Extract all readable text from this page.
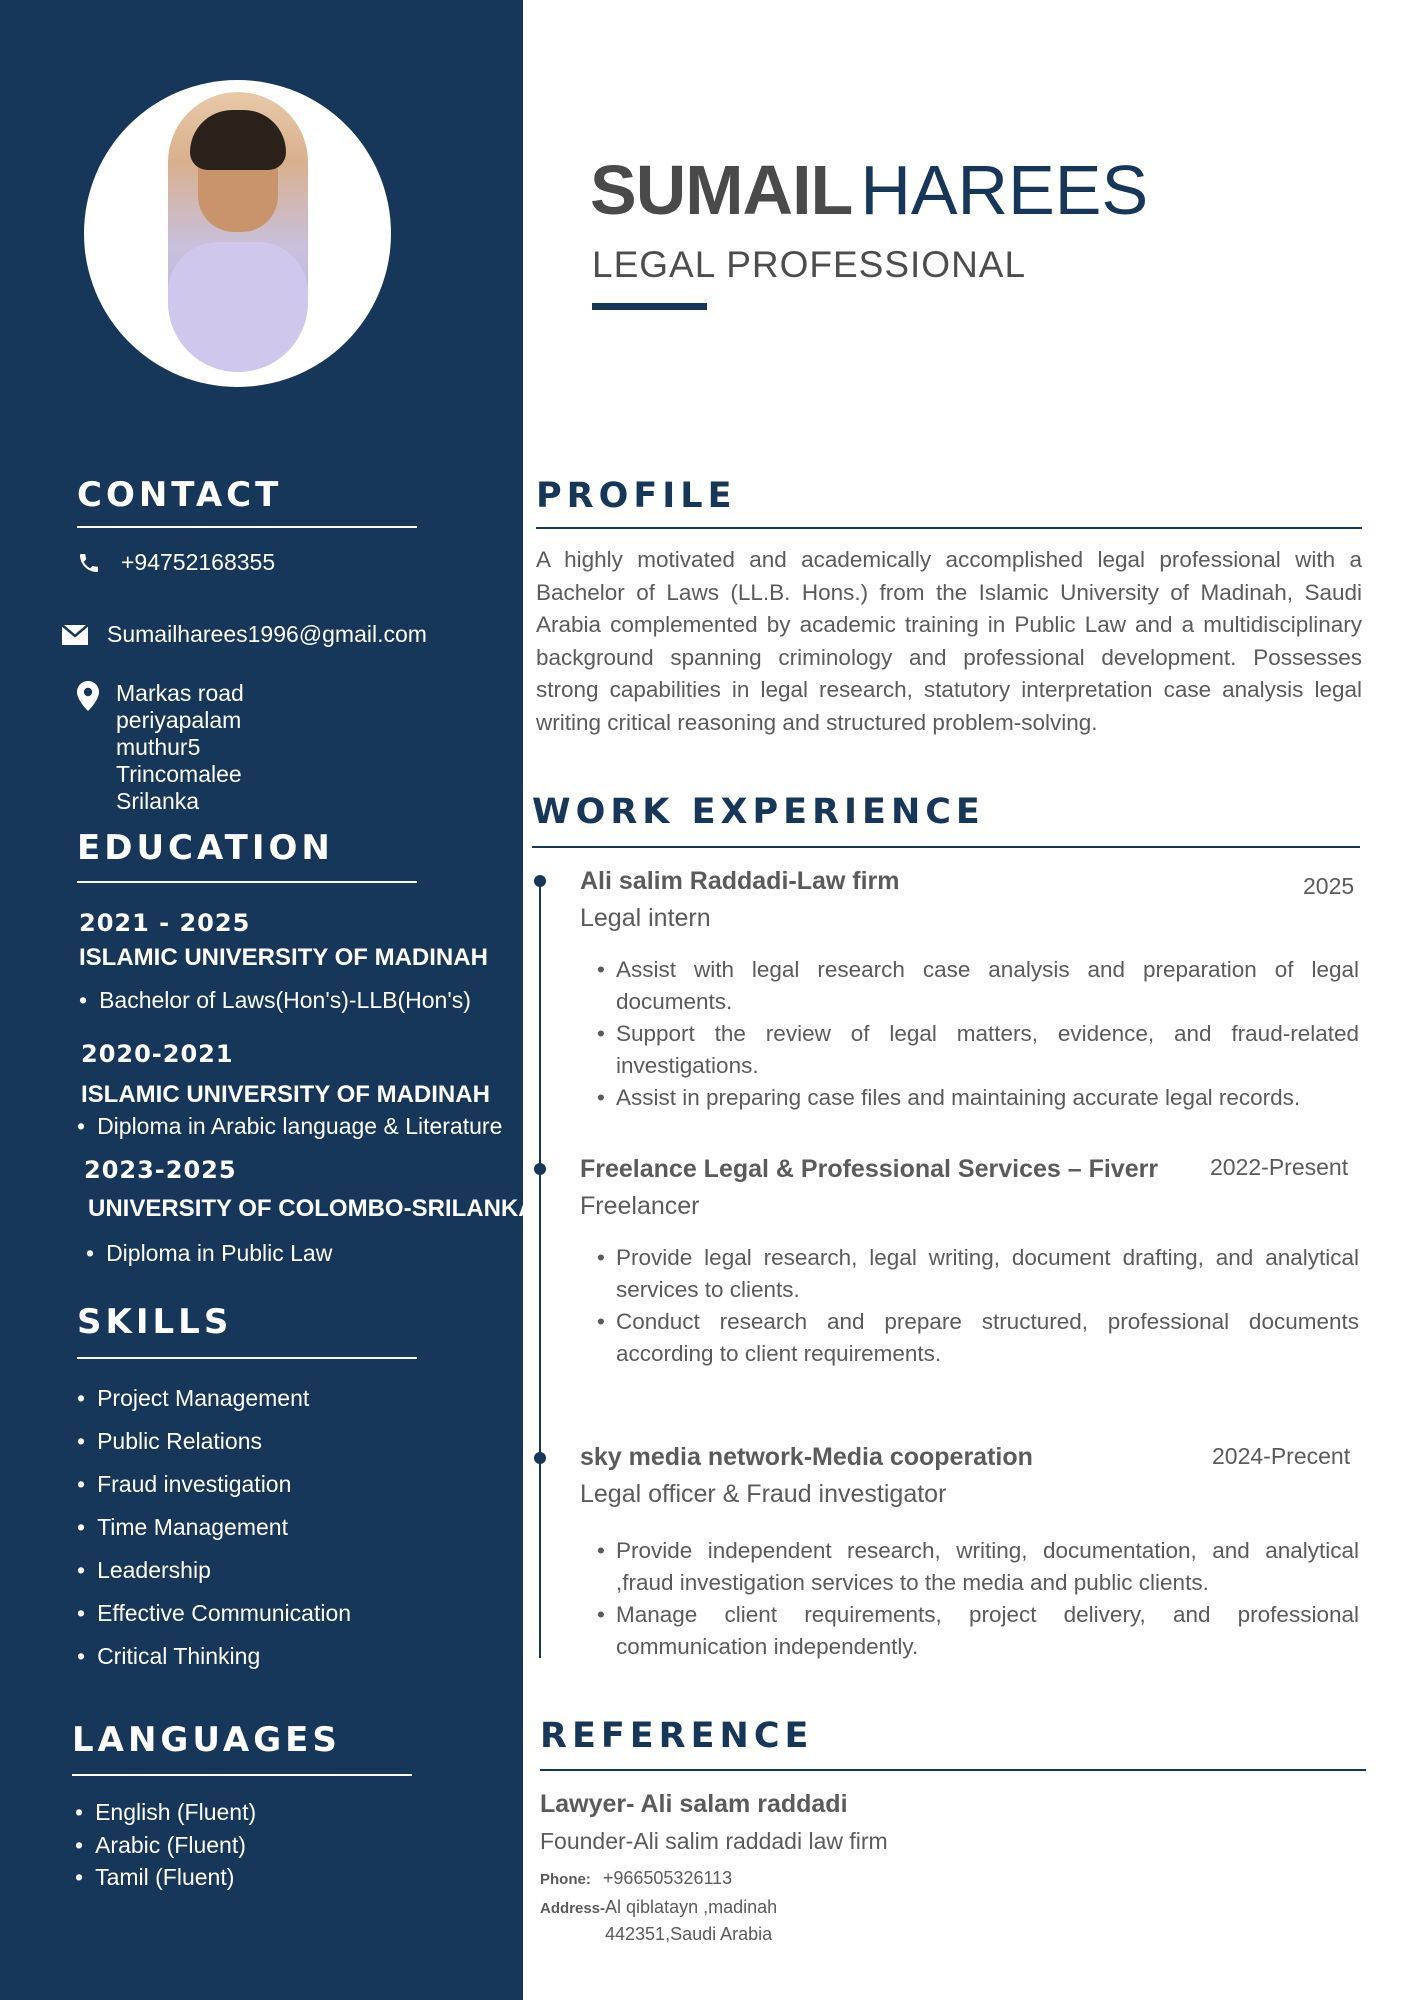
CONTACT
+94752168355
Sumailharees1996@gmail.com
Markas road
periyapalam
muthur5
Trincomalee
Srilanka
EDUCATION
2021 - 2025
ISLAMIC UNIVERSITY OF MADINAH
• Bachelor of Laws(Hon's)-LLB(Hon's)
2020-2021
ISLAMIC UNIVERSITY OF MADINAH
• Diploma in Arabic language & Literature
2023-2025
UNIVERSITY OF COLOMBO-SRILANKA
• Diploma in Public Law
SKILLS
• Project Management
• Public Relations
• Fraud investigation
• Time Management
• Leadership
• Effective Communication
• Critical Thinking
LANGUAGES
• English (Fluent)
• Arabic (Fluent)
• Tamil (Fluent)
SUMAIL HAREES
LEGAL PROFESSIONAL
PROFILE

A highly motivated and academically accomplished legal professional with a Bachelor of Laws (LL.B. Hons.) from the Islamic University of Madinah, Saudi Arabia complemented by academic training in Public Law and a multidisciplinary background spanning criminology and professional development. Possesses strong capabilities in legal research, statutory interpretation case analysis legal writing critical reasoning and structured problem-solving.

WORK EXPERIENCE
Ali salim Raddadi-Law firm	2025
Legal intern
• Assist with legal research case analysis and preparation of legal documents.
• Support the review of legal matters, evidence, and fraud-related investigations.
• Assist in preparing case files and maintaining accurate legal records.
Freelance Legal & Professional Services – Fiverr 2022-Present
Freelancer
• Provide legal research, legal writing, document drafting, and analytical services to clients.
• Conduct research and prepare structured, professional documents according to client requirements.
sky media network-Media cooperation	2024-Precent
Legal officer & Fraud investigator
• Provide independent research, writing, documentation, and analytical ,fraud investigation services to the media and public clients.
• Manage client requirements, project delivery, and professional communication independently.
REFERENCE
Lawyer- Ali salam raddadi
Founder-Ali salim raddadi law firm
Phone: +966505326113
Address-Al qiblatayn ,madinah
442351,Saudi Arabia
